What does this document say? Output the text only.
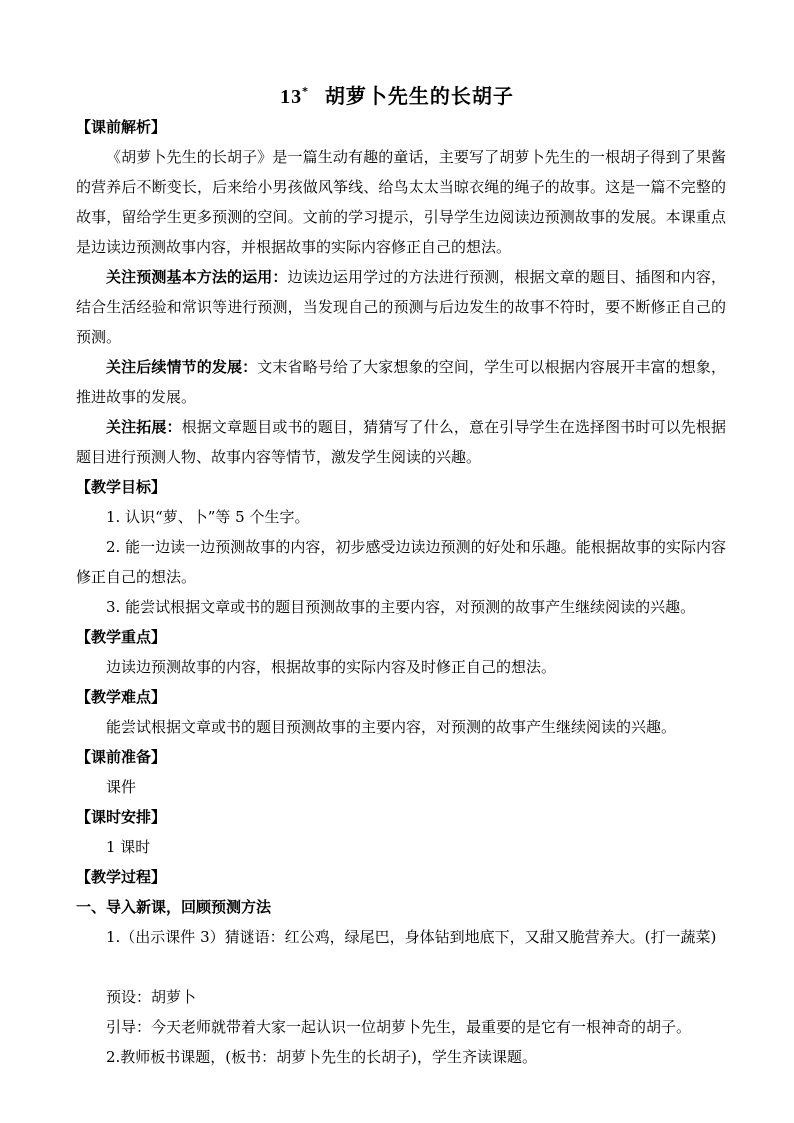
13* 胡萝卜先生的长胡子
【课前解析】
《胡萝卜先生的长胡子》是一篇生动有趣的童话，主要写了胡萝卜先生的一根胡子得到了果酱的营养后不断变长，后来给小男孩做风筝线、给鸟太太当晾衣绳的绳子的故事。这是一篇不完整的故事，留给学生更多预测的空间。文前的学习提示，引导学生边阅读边预测故事的发展。本课重点是边读边预测故事内容，并根据故事的实际内容修正自己的想法。
关注预测基本方法的运用：边读边运用学过的方法进行预测，根据文章的题目、插图和内容，结合生活经验和常识等进行预测，当发现自己的预测与后边发生的故事不符时，要不断修正自己的预测。
关注后续情节的发展：文末省略号给了大家想象的空间，学生可以根据内容展开丰富的想象，推进故事的发展。
关注拓展：根据文章题目或书的题目，猜猜写了什么，意在引导学生在选择图书时可以先根据题目进行预测人物、故事内容等情节，激发学生阅读的兴趣。
【教学目标】
1. 认识“萝、卜”等 5 个生字。
2. 能一边读一边预测故事的内容，初步感受边读边预测的好处和乐趣。能根据故事的实际内容修正自己的想法。
3. 能尝试根据文章或书的题目预测故事的主要内容，对预测的故事产生继续阅读的兴趣。
【教学重点】
边读边预测故事的内容，根据故事的实际内容及时修正自己的想法。
【教学难点】
能尝试根据文章或书的题目预测故事的主要内容，对预测的故事产生继续阅读的兴趣。
【课前准备】
课件
【课时安排】
1 课时
【教学过程】
一、导入新课，回顾预测方法
1.（出示课件 3）猜谜语：红公鸡，绿尾巴，身体钻到地底下，又甜又脆营养大。(打一蔬菜)
预设：胡萝卜
引导：今天老师就带着大家一起认识一位胡萝卜先生，最重要的是它有一根神奇的胡子。
2.教师板书课题，(板书：胡萝卜先生的长胡子)，学生齐读课题。
